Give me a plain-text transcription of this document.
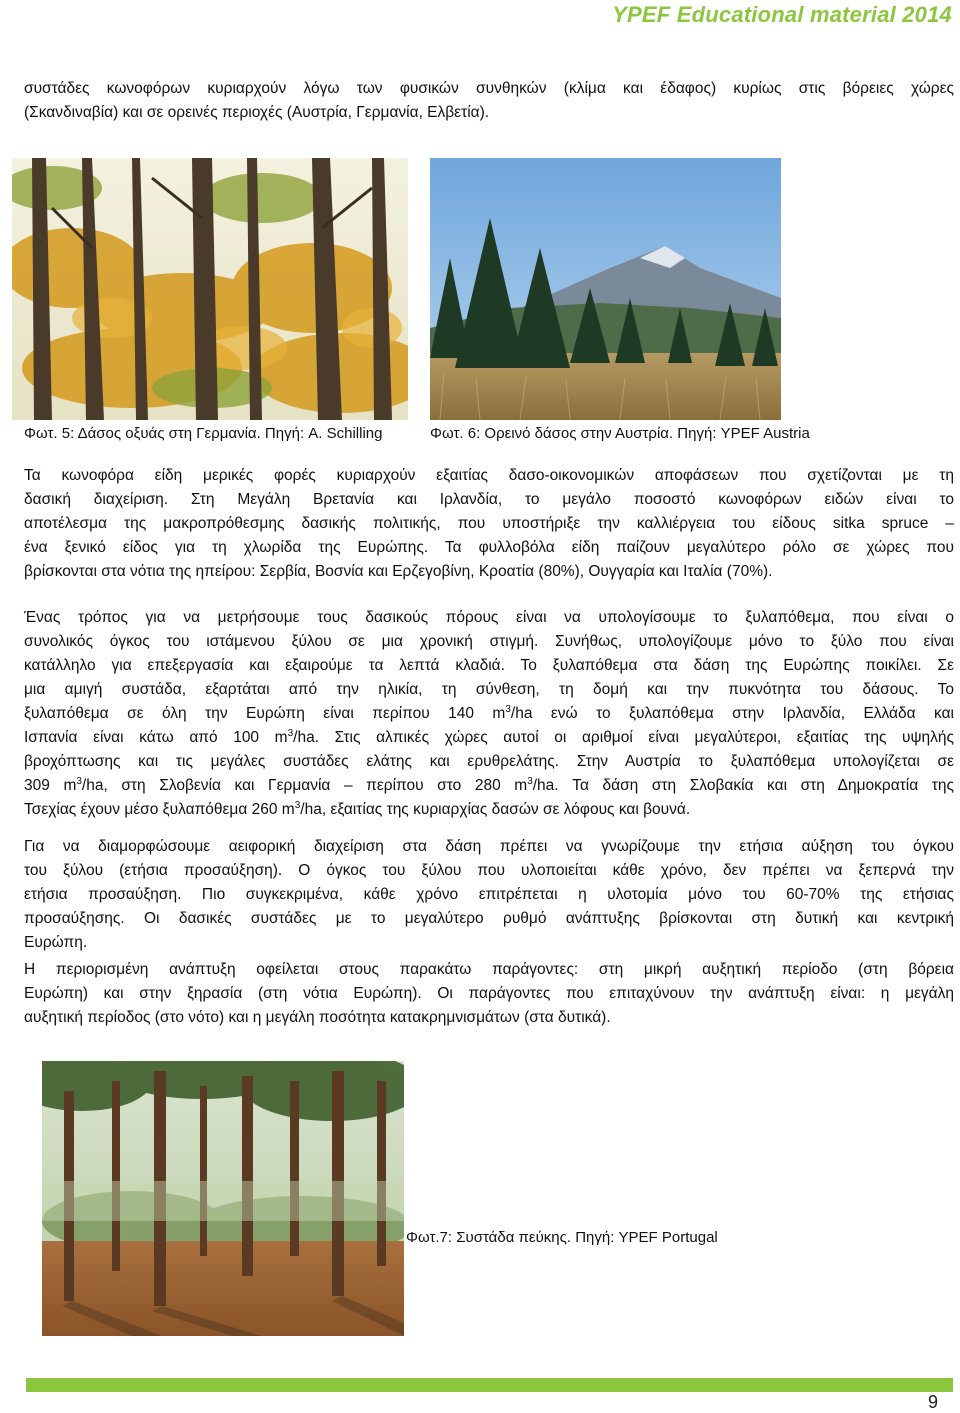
YPEF Educational material 2014
συστάδες κωνοφόρων κυριαρχούν λόγω των φυσικών συνθηκών (κλίμα και έδαφος) κυρίως στις βόρειες χώρες
(Σκανδιναβία) και σε ορεινές περιοχές (Αυστρία, Γερμανία, Ελβετία).
Φωτ. 5: Δάσος οξυάς στη Γερμανία. Πηγή: A. Schilling	Φωτ. 6: Ορεινό δάσος στην Αυστρία. Πηγή: YPEF Austria
Τα κωνοφόρα είδη μερικές φορές κυριαρχούν εξαιτίας δασο-οικονομικών αποφάσεων που σχετίζονται με τη
δασική διαχείριση. Στη Μεγάλη Βρετανία και Ιρλανδία, το μεγάλο ποσοστό κωνοφόρων ειδών είναι το
αποτέλεσμα της μακροπρόθεσμης δασικής πολιτικής, που υποστήριξε την καλλιέργεια του είδους sitka spruce –
ένα ξενικό είδος για τη χλωρίδα της Ευρώπης. Τα φυλλοβόλα είδη παίζουν μεγαλύτερο ρόλο σε χώρες που
βρίσκονται στα νότια της ηπείρου: Σερβία, Βοσνία και Ερζεγοβίνη, Κροατία (80%), Ουγγαρία και Ιταλία (70%).
Ένας τρόπος για να μετρήσουμε τους δασικούς πόρους είναι να υπολογίσουμε το ξυλαπόθεμα, που είναι ο
συνολικός όγκος του ιστάμενου ξύλου σε μια χρονική στιγμή. Συνήθως, υπολογίζουμε μόνο το ξύλο που είναι
κατάλληλο για επεξεργασία και εξαιρούμε τα λεπτά κλαδιά. Το ξυλαπόθεμα στα δάση της Ευρώπης ποικίλει. Σε
μια αμιγή συστάδα, εξαρτάται από την ηλικία, τη σύνθεση, τη δομή και την πυκνότητα του δάσους. Το
ξυλαπόθεμα σε όλη την Ευρώπη είναι περίπου 140 $m^3/ha$ ενώ το ξυλαπόθεμα στην Ιρλανδία, Ελλάδα και
Ισπανία είναι κάτω από 100 $m^3/ha$. Στις αλπικές χώρες αυτοί οι αριθμοί είναι μεγαλύτεροι, εξαιτίας της υψηλής
βροχόπτωσης και τις μεγάλες συστάδες ελάτης και ερυθρελάτης. Στην Αυστρία το ξυλαπόθεμα υπολογίζεται σε
309 $m^3/ha$, στη Σλοβενία και Γερμανία – περίπου στο 280 $m^3/ha$. Τα δάση στη Σλοβακία και στη Δημοκρατία της
Τσεχίας έχουν μέσο ξυλαπόθεμα 260 $m^3/ha$, εξαιτίας της κυριαρχίας δασών σε λόφους και βουνά.
Για να διαμορφώσουμε αειφορική διαχείριση στα δάση πρέπει να γνωρίζουμε την ετήσια αύξηση του όγκου
του ξύλου (ετήσια προσαύξηση). Ο όγκος του ξύλου που υλοποιείται κάθε χρόνο, δεν πρέπει να ξεπερνά την
ετήσια προσαύξηση. Πιο συγκεκριμένα, κάθε χρόνο επιτρέπεται η υλοτομία μόνο του 60-70% της ετήσιας
προσαύξησης. Οι δασικές συστάδες με το μεγαλύτερο ρυθμό ανάπτυξης βρίσκονται στη δυτική και κεντρική
Ευρώπη.
Η περιορισμένη ανάπτυξη οφείλεται στους παρακάτω παράγοντες: στη μικρή αυξητική περίοδο (στη βόρεια
Ευρώπη) και στην ξηρασία (στη νότια Ευρώπη). Οι παράγοντες που επιταχύνουν την ανάπτυξη είναι: η μεγάλη
αυξητική περίοδος (στο νότο) και η μεγάλη ποσότητα κατακρημνισμάτων (στα δυτικά).
Φωτ.7: Συστάδα πεύκης. Πηγή: YPEF Portugal
9
